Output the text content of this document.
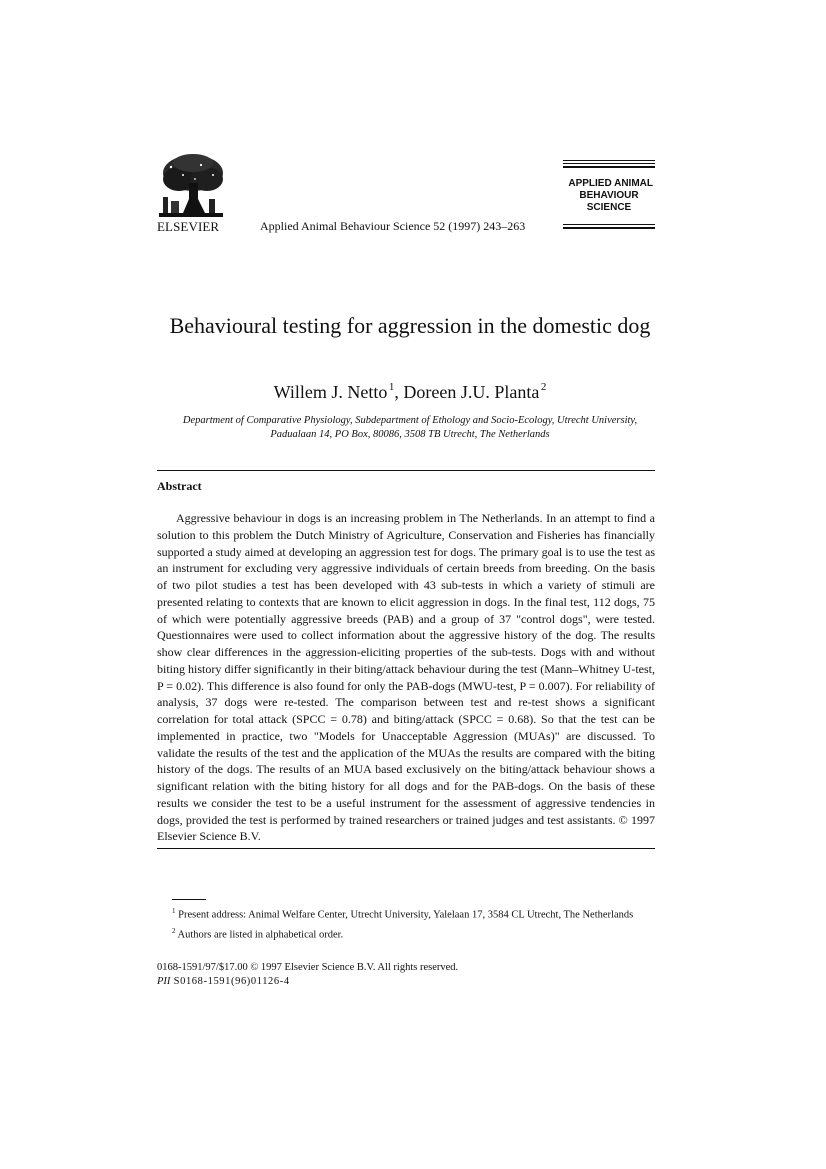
ELSEVIER	Applied Animal Behaviour Science 52 (1997) 243–263
APPLIED ANIMAL
BEHAVIOUR
SCIENCE
Behavioural testing for aggression in the domestic dog
Willem J. Netto  $^1$, Doreen J.U. Planta  $^2$
Department of Comparative Physiology, Subdepartment of Ethology and Socio-Ecology, Utrecht University, Padualaan 14, PO Box, 80086, 3508 TB Utrecht, The Netherlands
Abstract

Aggressive behaviour in dogs is an increasing problem in The Netherlands. In an attempt to find a solution to this problem the Dutch Ministry of Agriculture, Conservation and Fisheries has financially supported a study aimed at developing an aggression test for dogs. The primary goal is to use the test as an instrument for excluding very aggressive individuals of certain breeds from breeding. On the basis of two pilot studies a test has been developed with 43 sub-tests in which a variety of stimuli are presented relating to contexts that are known to elicit aggression in dogs. In the final test, 112 dogs, 75 of which were potentially aggressive breeds (PAB) and a group of 37 "control dogs", were tested. Questionnaires were used to collect information about the aggressive history of the dog. The results show clear differences in the aggression-eliciting properties of the sub-tests. Dogs with and without biting history differ significantly in their biting/attack behaviour during the test (Mann–Whitney U-test, P = 0.02). This difference is also found for only the PAB-dogs (MWU-test, P = 0.007). For reliability of analysis, 37 dogs were re-tested. The comparison between test and re-test shows a significant correlation for total attack (SPCC = 0.78) and biting/attack (SPCC = 0.68). So that the test can be implemented in practice, two "Models for Unacceptable Aggression (MUAs)" are discussed. To validate the results of the test and the application of the MUAs the results are compared with the biting history of the dogs. The results of an MUA based exclusively on the biting/attack behaviour shows a significant relation with the biting history for all dogs and for the PAB-dogs. On the basis of these results we consider the test to be a useful instrument for the assessment of aggressive tendencies in dogs, provided the test is performed by trained researchers or trained judges and test assistants. © 1997 Elsevier Science B.V.

$^1$ Present address: Animal Welfare Center, Utrecht University, Yalelaan 17, 3584 CL Utrecht, The Netherlands

$^2$ Authors are listed in alphabetical order.

0168-1591/97/$17.00 © 1997 Elsevier Science B.V. All rights reserved.
PII S0168-1591(96)01126-4
